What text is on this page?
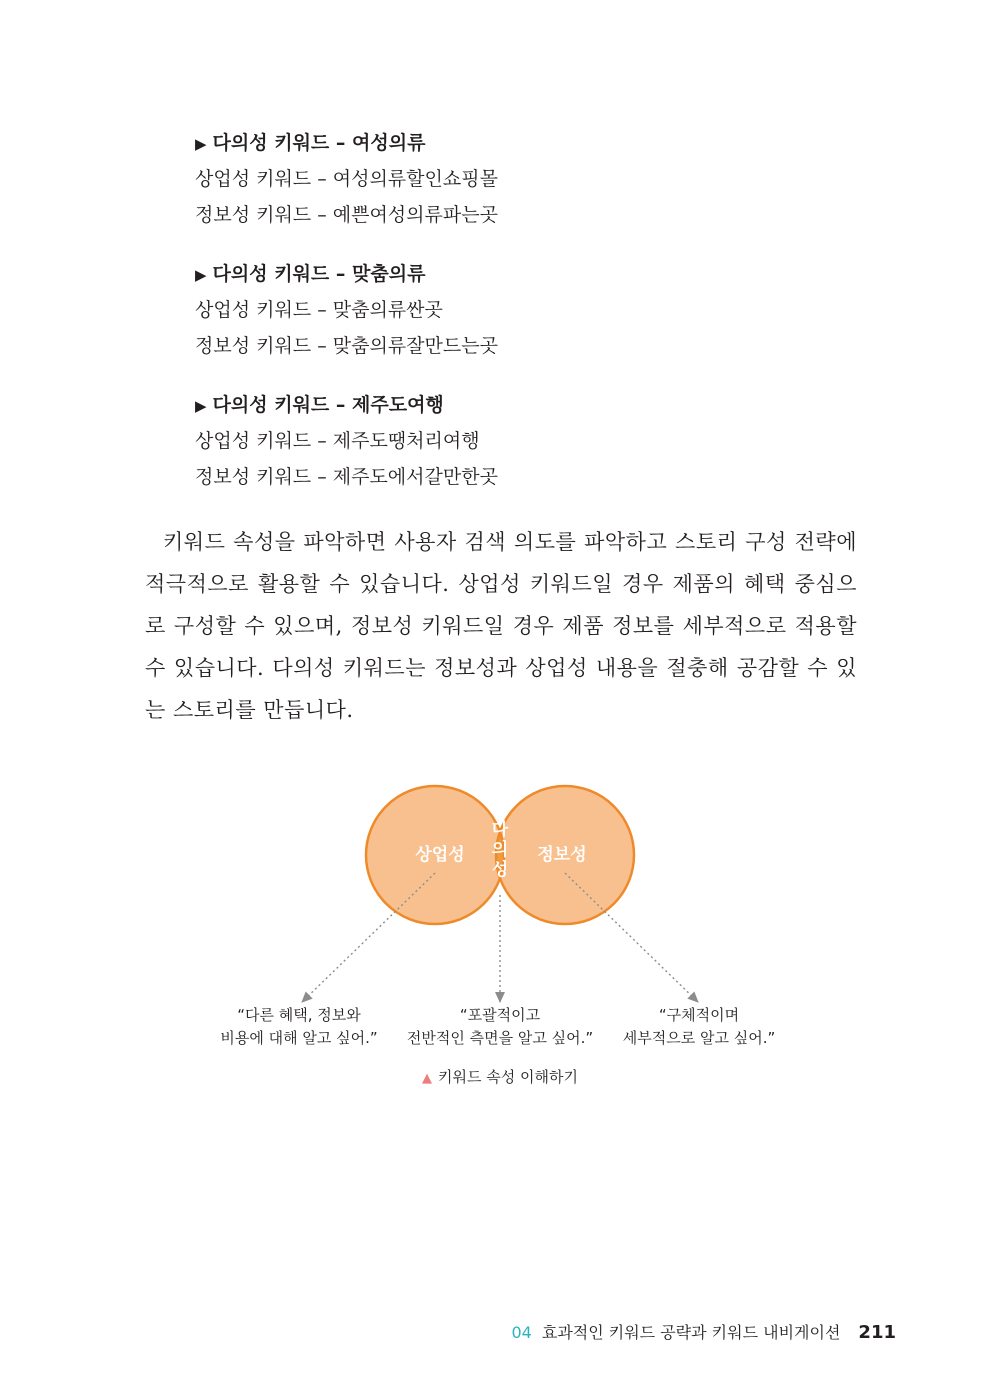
▶ 다의성 키워드 – 여성의류
상업성 키워드 – 여성의류할인쇼핑몰
정보성 키워드 – 예쁜여성의류파는곳
▶ 다의성 키워드 – 맞춤의류
상업성 키워드 – 맞춤의류싼곳
정보성 키워드 – 맞춤의류잘만드는곳
▶ 다의성 키워드 – 제주도여행
상업성 키워드 – 제주도땡처리여행
정보성 키워드 – 제주도에서갈만한곳

키워드 속성을 파악하면 사용자 검색 의도를 파악하고 스토리 구성 전략에 적극적으로 활용할 수 있습니다. 상업성 키워드일 경우 제품의 혜택 중심으로 구성할 수 있으며, 정보성 키워드일 경우 제품 정보를 세부적으로 적용할 수 있습니다. 다의성 키워드는 정보성과 상업성 내용을 절충해 공감할 수 있는 스토리를 만듭니다.

상업성	정보성
다
의
성
“다른 혜택, 정보와
비용에 대해 알고 싶어.”
“포괄적이고
전반적인 측면을 알고 싶어.”
“구체적이며
세부적으로 알고 싶어.”
▲ 키워드 속성 이해하기
04 효과적인 키워드 공략과 키워드 내비게이션 211
